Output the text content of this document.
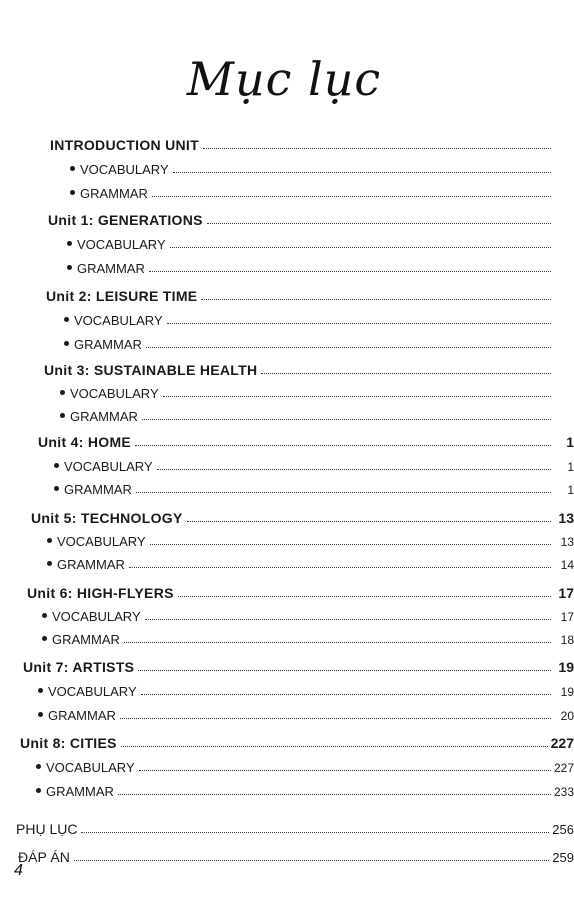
Mục lục
INTRODUCTION UNIT
VOCABULARY
GRAMMAR
Unit 1: GENERATIONS
VOCABULARY
GRAMMAR
Unit 2: LEISURE TIME
VOCABULARY
GRAMMAR
Unit 3: SUSTAINABLE HEALTH
VOCABULARY
GRAMMAR
Unit 4: HOME	1
VOCABULARY	1
GRAMMAR	1
Unit 5: TECHNOLOGY	13
VOCABULARY	13
GRAMMAR	14
Unit 6: HIGH-FLYERS	17
VOCABULARY	17
GRAMMAR	18
Unit 7: ARTISTS	19
VOCABULARY	19
GRAMMAR	20
Unit 8: CITIES	227
VOCABULARY	227
GRAMMAR	233
PHỤ LỤC	256
ĐÁP ÁN	259
4
